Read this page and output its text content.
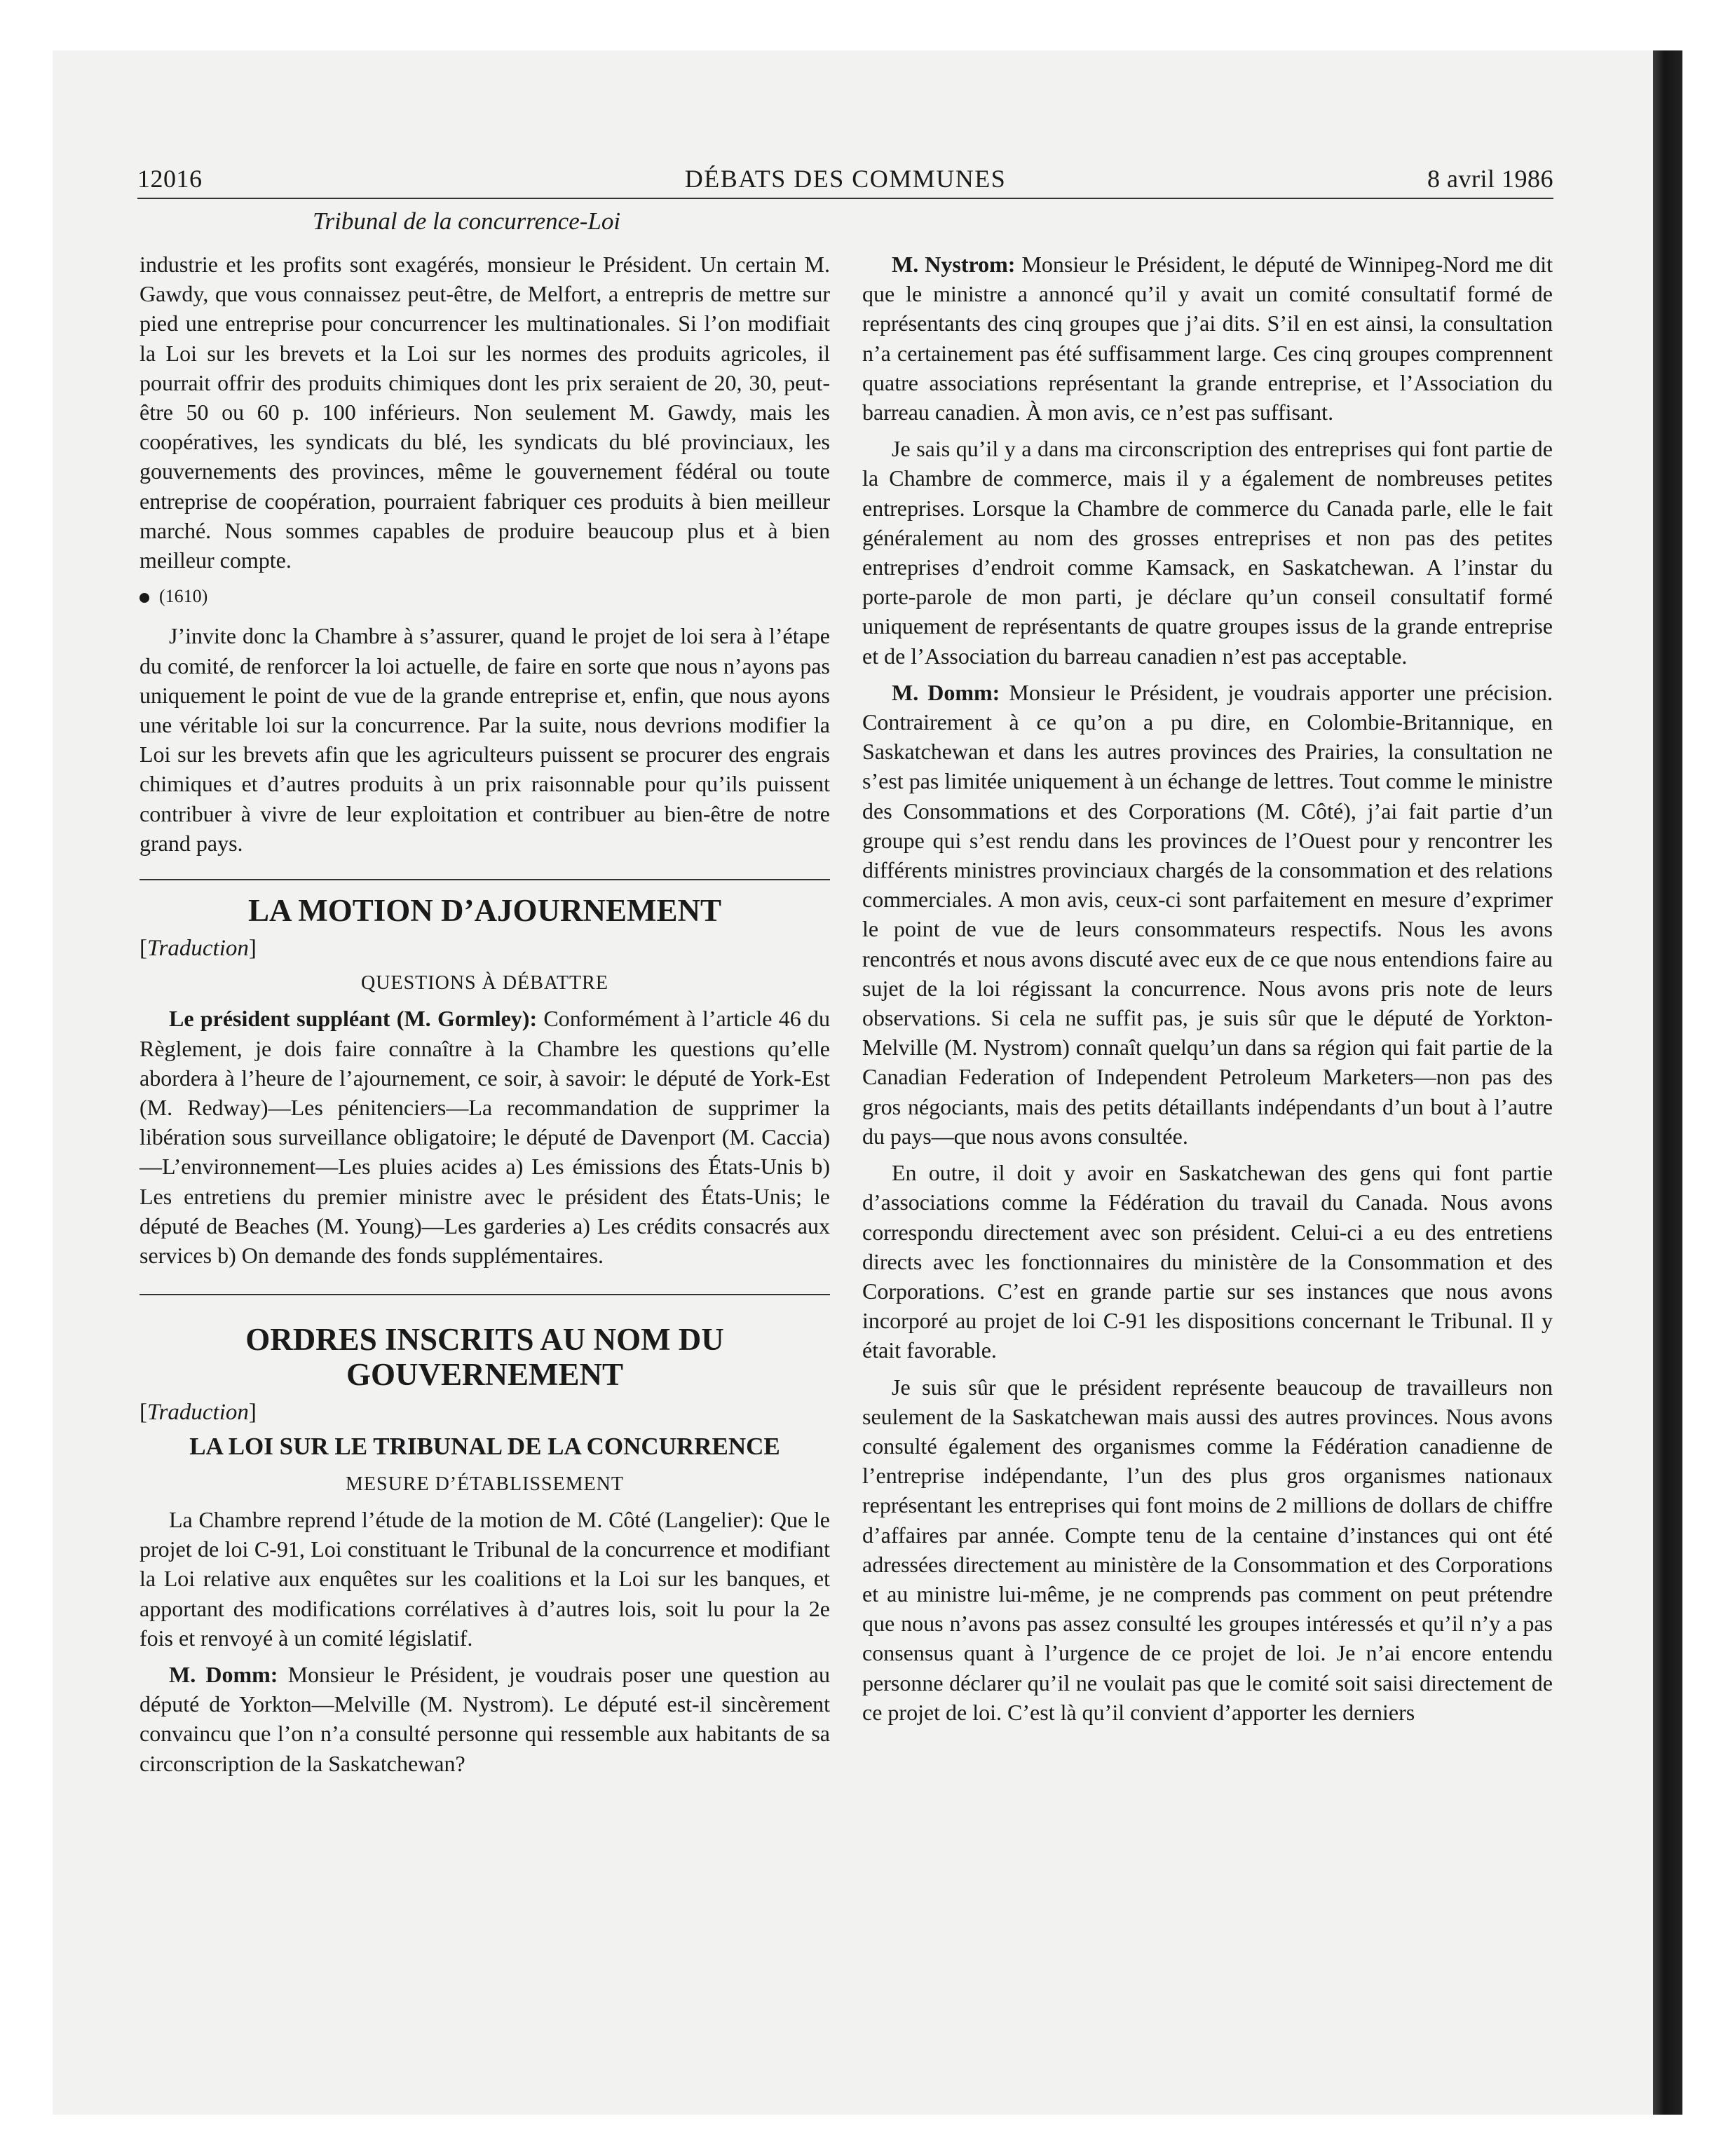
12016	DÉBATS DES COMMUNES	8 avril 1986
Tribunal de la concurrence-Loi

industrie et les profits sont exagérés, monsieur le Président. Un certain M. Gawdy, que vous connaissez peut-être, de Melfort, a entrepris de mettre sur pied une entreprise pour concurrencer les multinationales. Si l’on modifiait la Loi sur les brevets et la Loi sur les normes des produits agricoles, il pourrait offrir des produits chimiques dont les prix seraient de 20, 30, peut-être 50 ou 60 p. 100 inférieurs. Non seulement M. Gawdy, mais les coopératives, les syndicats du blé, les syndicats du blé provinciaux, les gouvernements des provinces, même le gouvernement fédéral ou toute entreprise de coopération, pourraient fabriquer ces produits à bien meilleur marché. Nous sommes capables de produire beaucoup plus et à bien meilleur compte.

(1610)

J’invite donc la Chambre à s’assurer, quand le projet de loi sera à l’étape du comité, de renforcer la loi actuelle, de faire en sorte que nous n’ayons pas uniquement le point de vue de la grande entreprise et, enfin, que nous ayons une véritable loi sur la concurrence. Par la suite, nous devrions modifier la Loi sur les brevets afin que les agriculteurs puissent se procurer des engrais chimiques et d’autres produits à un prix raisonnable pour qu’ils puissent contribuer à vivre de leur exploitation et contribuer au bien-être de notre grand pays.

LA MOTION D’AJOURNEMENT
[Traduction]
QUESTIONS À DÉBATTRE

Le président suppléant (M. Gormley): Conformément à l’article 46 du Règlement, je dois faire connaître à la Chambre les questions qu’elle abordera à l’heure de l’ajournement, ce soir, à savoir: le député de York-Est (M. Redway)—Les pénitenciers—La recommandation de supprimer la libération sous surveillance obligatoire; le député de Davenport (M. Caccia)—L’environnement—Les pluies acides a) Les émissions des États-Unis b) Les entretiens du premier ministre avec le président des États-Unis; le député de Beaches (M. Young)—Les garderies a) Les crédits consacrés aux services b) On demande des fonds supplémentaires.

ORDRES INSCRITS AU NOM DU
GOUVERNEMENT
[Traduction]
LA LOI SUR LE TRIBUNAL DE LA CONCURRENCE
MESURE D’ÉTABLISSEMENT

La Chambre reprend l’étude de la motion de M. Côté (Langelier): Que le projet de loi C-91, Loi constituant le Tribunal de la concurrence et modifiant la Loi relative aux enquêtes sur les coalitions et la Loi sur les banques, et apportant des modifications corrélatives à d’autres lois, soit lu pour la 2e fois et renvoyé à un comité législatif.

M. Domm: Monsieur le Président, je voudrais poser une question au député de Yorkton—Melville (M. Nystrom). Le député est-il sincèrement convaincu que l’on n’a consulté personne qui ressemble aux habitants de sa circonscription de la Saskatchewan?

M. Nystrom: Monsieur le Président, le député de Winnipeg-Nord me dit que le ministre a annoncé qu’il y avait un comité consultatif formé de représentants des cinq groupes que j’ai dits. S’il en est ainsi, la consultation n’a certainement pas été suffisamment large. Ces cinq groupes comprennent quatre associations représentant la grande entreprise, et l’Association du barreau canadien. À mon avis, ce n’est pas suffisant.

Je sais qu’il y a dans ma circonscription des entreprises qui font partie de la Chambre de commerce, mais il y a également de nombreuses petites entreprises. Lorsque la Chambre de commerce du Canada parle, elle le fait généralement au nom des grosses entreprises et non pas des petites entreprises d’endroit comme Kamsack, en Saskatchewan. A l’instar du porte-parole de mon parti, je déclare qu’un conseil consultatif formé uniquement de représentants de quatre groupes issus de la grande entreprise et de l’Association du barreau canadien n’est pas acceptable.

M. Domm: Monsieur le Président, je voudrais apporter une précision. Contrairement à ce qu’on a pu dire, en Colombie-Britannique, en Saskatchewan et dans les autres provinces des Prairies, la consultation ne s’est pas limitée uniquement à un échange de lettres. Tout comme le ministre des Consommations et des Corporations (M. Côté), j’ai fait partie d’un groupe qui s’est rendu dans les provinces de l’Ouest pour y rencontrer les différents ministres provinciaux chargés de la consommation et des relations commerciales. A mon avis, ceux-ci sont parfaitement en mesure d’exprimer le point de vue de leurs consommateurs respectifs. Nous les avons rencontrés et nous avons discuté avec eux de ce que nous entendions faire au sujet de la loi régissant la concurrence. Nous avons pris note de leurs observations. Si cela ne suffit pas, je suis sûr que le député de Yorkton-Melville (M. Nystrom) connaît quelqu’un dans sa région qui fait partie de la Canadian Federation of Independent Petroleum Marketers—non pas des gros négociants, mais des petits détaillants indépendants d’un bout à l’autre du pays—que nous avons consultée.

En outre, il doit y avoir en Saskatchewan des gens qui font partie d’associations comme la Fédération du travail du Canada. Nous avons correspondu directement avec son président. Celui-ci a eu des entretiens directs avec les fonctionnaires du ministère de la Consommation et des Corporations. C’est en grande partie sur ses instances que nous avons incorporé au projet de loi C-91 les dispositions concernant le Tribunal. Il y était favorable.

Je suis sûr que le président représente beaucoup de travailleurs non seulement de la Saskatchewan mais aussi des autres provinces. Nous avons consulté également des organismes comme la Fédération canadienne de l’entreprise indépendante, l’un des plus gros organismes nationaux représentant les entreprises qui font moins de 2 millions de dollars de chiffre d’affaires par année. Compte tenu de la centaine d’instances qui ont été adressées directement au ministère de la Consommation et des Corporations et au ministre lui-même, je ne comprends pas comment on peut prétendre que nous n’avons pas assez consulté les groupes intéressés et qu’il n’y a pas consensus quant à l’urgence de ce projet de loi. Je n’ai encore entendu personne déclarer qu’il ne voulait pas que le comité soit saisi directement de ce projet de loi. C’est là qu’il convient d’apporter les derniers
